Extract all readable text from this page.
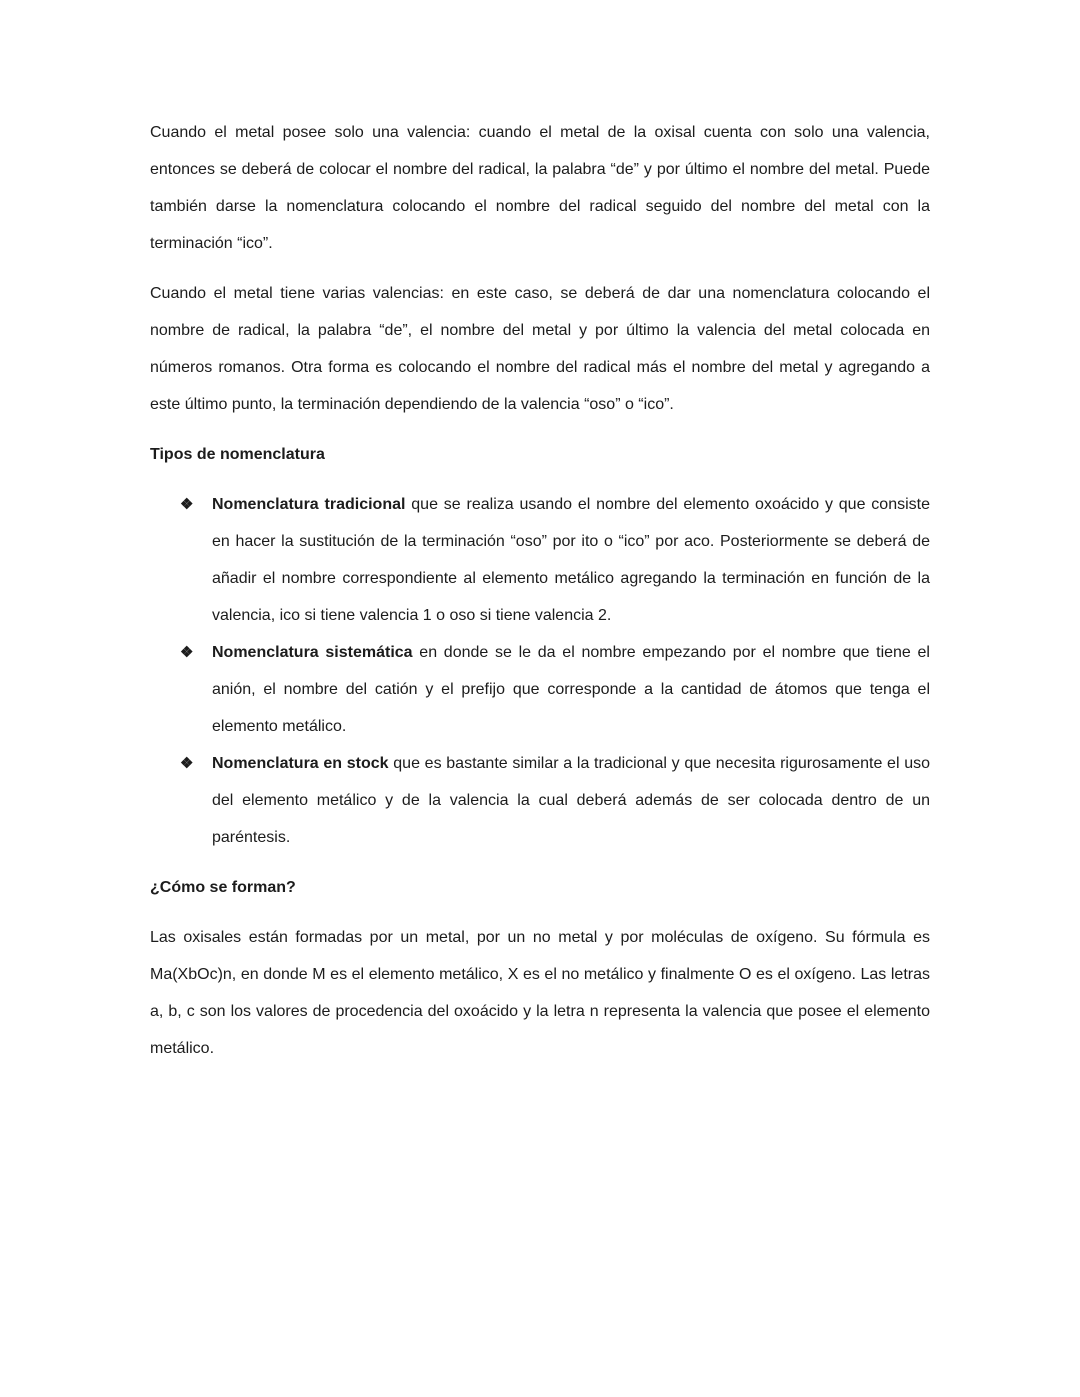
Cuando el metal posee solo una valencia: cuando el metal de la oxisal cuenta con solo una valencia, entonces se deberá de colocar el nombre del radical, la palabra “de” y por último el nombre del metal. Puede también darse la nomenclatura colocando el nombre del radical seguido del nombre del metal con la terminación “ico”.

Cuando el metal tiene varias valencias: en este caso, se deberá de dar una nomenclatura colocando el nombre de radical, la palabra “de”, el nombre del metal y por último la valencia del metal colocada en números romanos. Otra forma es colocando el nombre del radical más el nombre del metal y agregando a este último punto, la terminación dependiendo de la valencia “oso” o “ico”.

Tipos de nomenclatura
❖ Nomenclatura tradicional que se realiza usando el nombre del elemento oxoácido y que consiste en hacer la sustitución de la terminación “oso” por ito o “ico” por aco. Posteriormente se deberá de añadir el nombre correspondiente al elemento metálico agregando la terminación en función de la valencia, ico si tiene valencia 1 o oso si tiene valencia 2.
❖ Nomenclatura sistemática en donde se le da el nombre empezando por el nombre que tiene el anión, el nombre del catión y el prefijo que corresponde a la cantidad de átomos que tenga el elemento metálico.
❖ Nomenclatura en stock que es bastante similar a la tradicional y que necesita rigurosamente el uso del elemento metálico y de la valencia la cual deberá además de ser colocada dentro de un paréntesis.
¿Cómo se forman?

Las oxisales están formadas por un metal, por un no metal y por moléculas de oxígeno. Su fórmula es Ma(XbOc)n, en donde M es el elemento metálico, X es el no metálico y finalmente O es el oxígeno. Las letras a, b, c son los valores de procedencia del oxoácido y la letra n representa la valencia que posee el elemento metálico.
